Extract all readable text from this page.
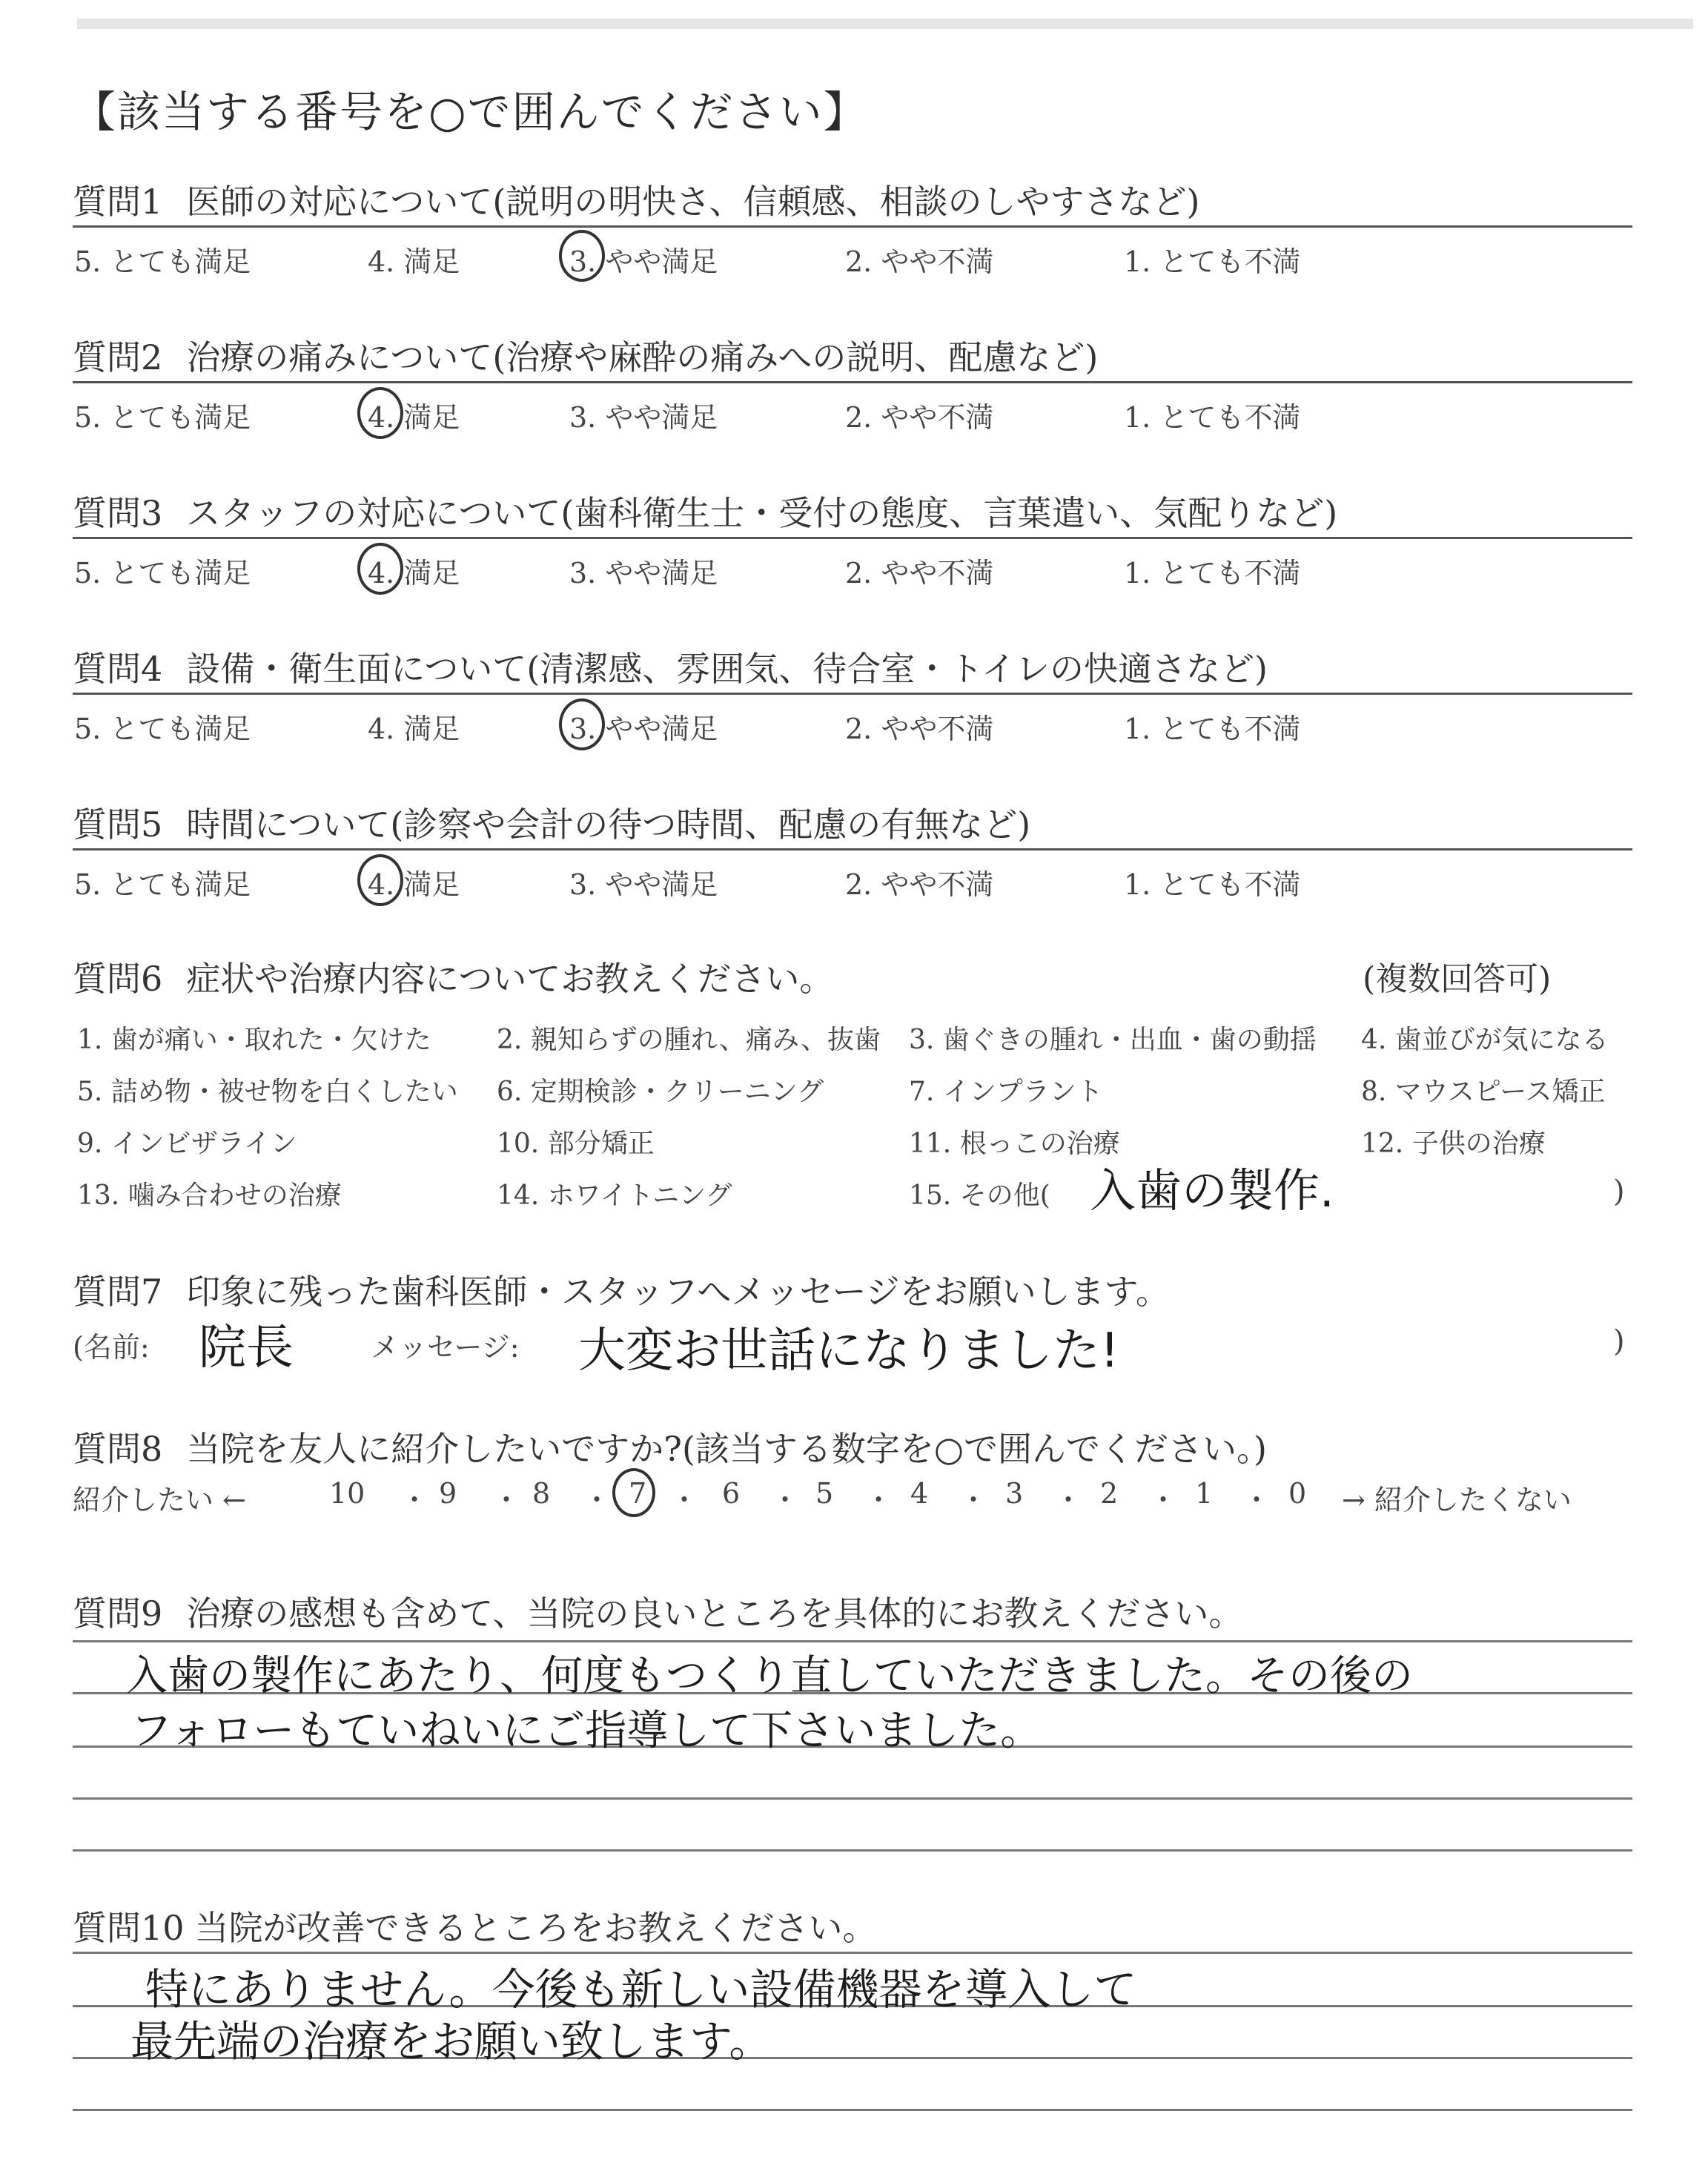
【該当する番号を○で囲んでください】
質問1 医師の対応について(説明の明快さ、信頼感、相談のしやすさなど)
5. とても満足	4. 満足	3. やや満足	2. やや不満	1. とても不満
質問2 治療の痛みについて(治療や麻酔の痛みへの説明、配慮など)
5. とても満足	4. 満足	3. やや満足	2. やや不満	1. とても不満
質問3 スタッフの対応について(歯科衛生士・受付の態度、言葉遣い、気配りなど)
5. とても満足	4. 満足	3. やや満足	2. やや不満	1. とても不満
質問4 設備・衛生面について(清潔感、雰囲気、待合室・トイレの快適さなど)
5. とても満足	4. 満足	3. やや満足	2. やや不満	1. とても不満
質問5 時間について(診察や会計の待つ時間、配慮の有無など)
5. とても満足	4. 満足	3. やや満足	2. やや不満	1. とても不満
質問6 症状や治療内容についてお教えください。	(複数回答可)
1. 歯が痛い・取れた・欠けた 2. 親知らずの腫れ、痛み、抜歯 3. 歯ぐきの腫れ・出血・歯の動揺 4. 歯並びが気になる
5. 詰め物・被せ物を白くしたい 6. 定期検診・クリーニング	7. インプラント	8. マウスピース矯正
9. インビザライン	10. 部分矯正	11. 根っこの治療	12. 子供の治療
13. 噛み合わせの治療	14. ホワイトニング	15. その他( 入歯の製作.	)
質問7 印象に残った歯科医師・スタッフへメッセージをお願いします。
(名前: 院長	メッセージ: 大変お世話になりました!	)
質問8 当院を友人に紹介したいですか?(該当する数字を○で囲んでください。)
紹介したい ←	10 ・ 9 ・ 8 ・ 7 ・ 6 ・ 5 ・ 4 ・ 3 ・ 2 ・ 1 ・ 0 → 紹介したくない
質問9 治療の感想も含めて、当院の良いところを具体的にお教えください。
入歯の製作にあたり、何度もつくり直していただきました。その後の
フォローもていねいにご指導して下さいました。
質問10 当院が改善できるところをお教えください。
特にありません。今後も新しい設備機器を導入して
最先端の治療をお願い致します。
